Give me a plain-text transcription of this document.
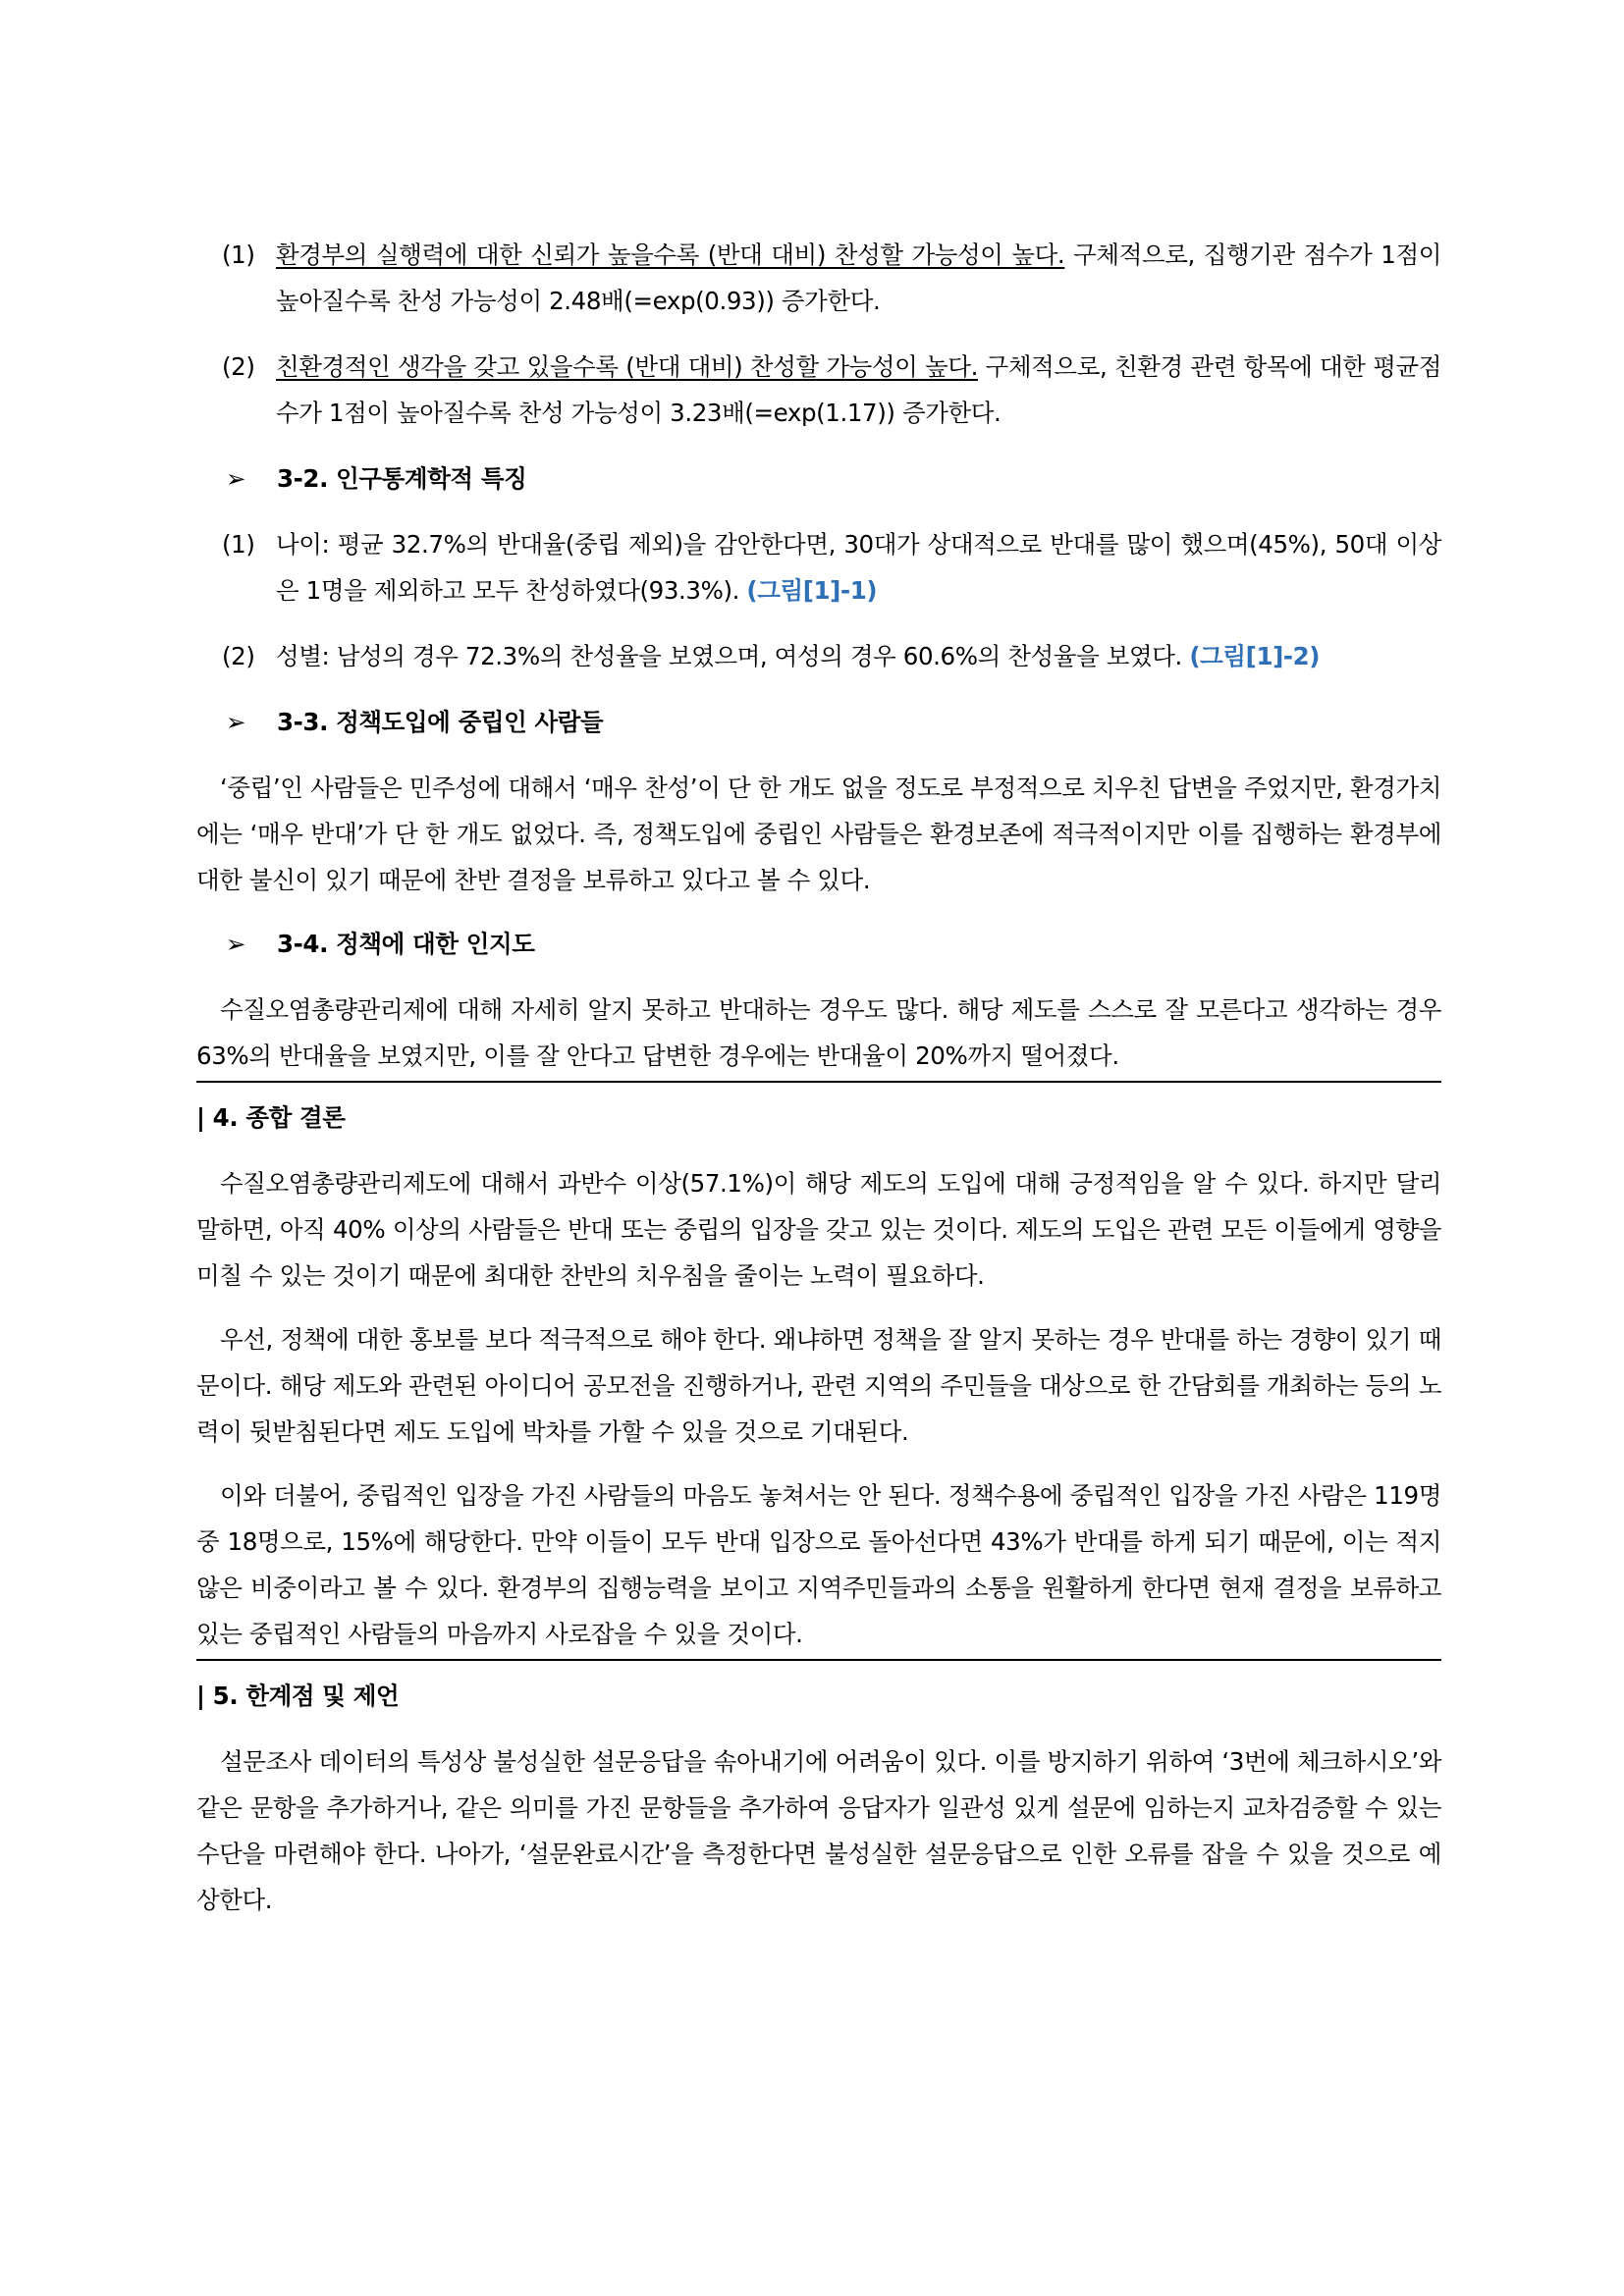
(1) 환경부의 실행력에 대한 신뢰가 높을수록 (반대 대비) 찬성할 가능성이 높다. 구체적으로, 집행기관 점수가 1점이 높아질수록 찬성 가능성이 2.48배(=exp(0.93)) 증가한다.
(2) 친환경적인 생각을 갖고 있을수록 (반대 대비) 찬성할 가능성이 높다. 구체적으로, 친환경 관련 항목에 대한 평균점수가 1점이 높아질수록 찬성 가능성이 3.23배(=exp(1.17)) 증가한다.
➢ 3-2. 인구통계학적 특징
(1) 나이: 평균 32.7%의 반대율(중립 제외)을 감안한다면, 30대가 상대적으로 반대를 많이 했으며(45%), 50대 이상은 1명을 제외하고 모두 찬성하였다(93.3%). (그림[1]-1)
(2) 성별: 남성의 경우 72.3%의 찬성율을 보였으며, 여성의 경우 60.6%의 찬성율을 보였다. (그림[1]-2)
➢ 3-3. 정책도입에 중립인 사람들
‘중립’인 사람들은 민주성에 대해서 ‘매우 찬성’이 단 한 개도 없을 정도로 부정적으로 치우친 답변을 주었지만, 환경가치에는 ‘매우 반대’가 단 한 개도 없었다. 즉, 정책도입에 중립인 사람들은 환경보존에 적극적이지만 이를 집행하는 환경부에 대한 불신이 있기 때문에 찬반 결정을 보류하고 있다고 볼 수 있다.
➢ 3-4. 정책에 대한 인지도
수질오염총량관리제에 대해 자세히 알지 못하고 반대하는 경우도 많다. 해당 제도를 스스로 잘 모른다고 생각하는 경우 63%의 반대율을 보였지만, 이를 잘 안다고 답변한 경우에는 반대율이 20%까지 떨어졌다.
| 4. 종합 결론
수질오염총량관리제도에 대해서 과반수 이상(57.1%)이 해당 제도의 도입에 대해 긍정적임을 알 수 있다. 하지만 달리 말하면, 아직 40% 이상의 사람들은 반대 또는 중립의 입장을 갖고 있는 것이다. 제도의 도입은 관련 모든 이들에게 영향을 미칠 수 있는 것이기 때문에 최대한 찬반의 치우침을 줄이는 노력이 필요하다.
우선, 정책에 대한 홍보를 보다 적극적으로 해야 한다. 왜냐하면 정책을 잘 알지 못하는 경우 반대를 하는 경향이 있기 때문이다. 해당 제도와 관련된 아이디어 공모전을 진행하거나, 관련 지역의 주민들을 대상으로 한 간담회를 개최하는 등의 노력이 뒷받침된다면 제도 도입에 박차를 가할 수 있을 것으로 기대된다.
이와 더불어, 중립적인 입장을 가진 사람들의 마음도 놓쳐서는 안 된다. 정책수용에 중립적인 입장을 가진 사람은 119명 중 18명으로, 15%에 해당한다. 만약 이들이 모두 반대 입장으로 돌아선다면 43%가 반대를 하게 되기 때문에, 이는 적지 않은 비중이라고 볼 수 있다. 환경부의 집행능력을 보이고 지역주민들과의 소통을 원활하게 한다면 현재 결정을 보류하고 있는 중립적인 사람들의 마음까지 사로잡을 수 있을 것이다.
| 5. 한계점 및 제언
설문조사 데이터의 특성상 불성실한 설문응답을 솎아내기에 어려움이 있다. 이를 방지하기 위하여 ‘3번에 체크하시오’와 같은 문항을 추가하거나, 같은 의미를 가진 문항들을 추가하여 응답자가 일관성 있게 설문에 임하는지 교차검증할 수 있는 수단을 마련해야 한다. 나아가, ‘설문완료시간’을 측정한다면 불성실한 설문응답으로 인한 오류를 잡을 수 있을 것으로 예상한다.
